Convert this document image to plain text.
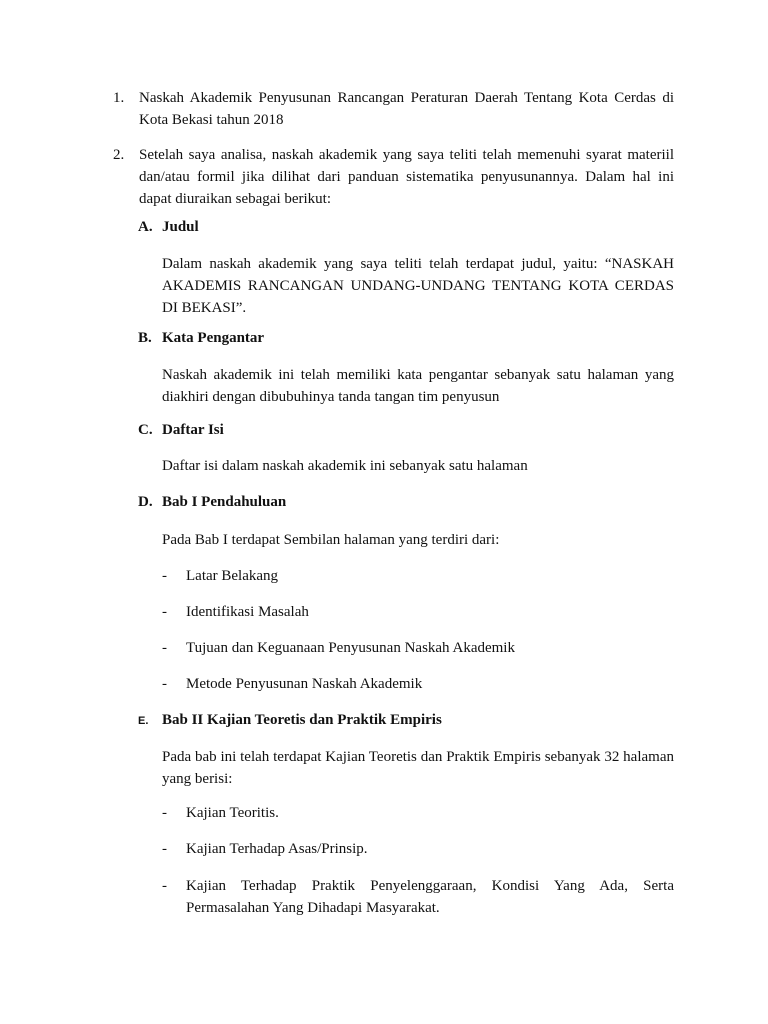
1. Naskah Akademik Penyusunan Rancangan Peraturan Daerah Tentang Kota Cerdas di Kota Bekasi tahun 2018
2. Setelah saya analisa, naskah akademik yang saya teliti telah memenuhi syarat materiil dan/atau formil jika dilihat dari panduan sistematika penyusunannya. Dalam hal ini dapat diuraikan sebagai berikut:
A. Judul
Dalam naskah akademik yang saya teliti telah terdapat judul, yaitu: “NASKAH AKADEMIS RANCANGAN UNDANG-UNDANG TENTANG KOTA CERDAS DI BEKASI”.
B. Kata Pengantar
Naskah akademik ini telah memiliki kata pengantar sebanyak satu halaman yang diakhiri dengan dibubuhinya tanda tangan tim penyusun
C. Daftar Isi
Daftar isi dalam naskah akademik ini sebanyak satu halaman
D. Bab I Pendahuluan
Pada Bab I terdapat Sembilan halaman yang terdiri dari:
- Latar Belakang
- Identifikasi Masalah
- Tujuan dan Keguanaan Penyusunan Naskah Akademik
- Metode Penyusunan Naskah Akademik
E. Bab II Kajian Teoretis dan Praktik Empiris
Pada bab ini telah terdapat Kajian Teoretis dan Praktik Empiris sebanyak 32 halaman yang berisi:
- Kajian Teoritis.
- Kajian Terhadap Asas/Prinsip.
- Kajian Terhadap Praktik Penyelenggaraan, Kondisi Yang Ada, Serta Permasalahan Yang Dihadapi Masyarakat.
